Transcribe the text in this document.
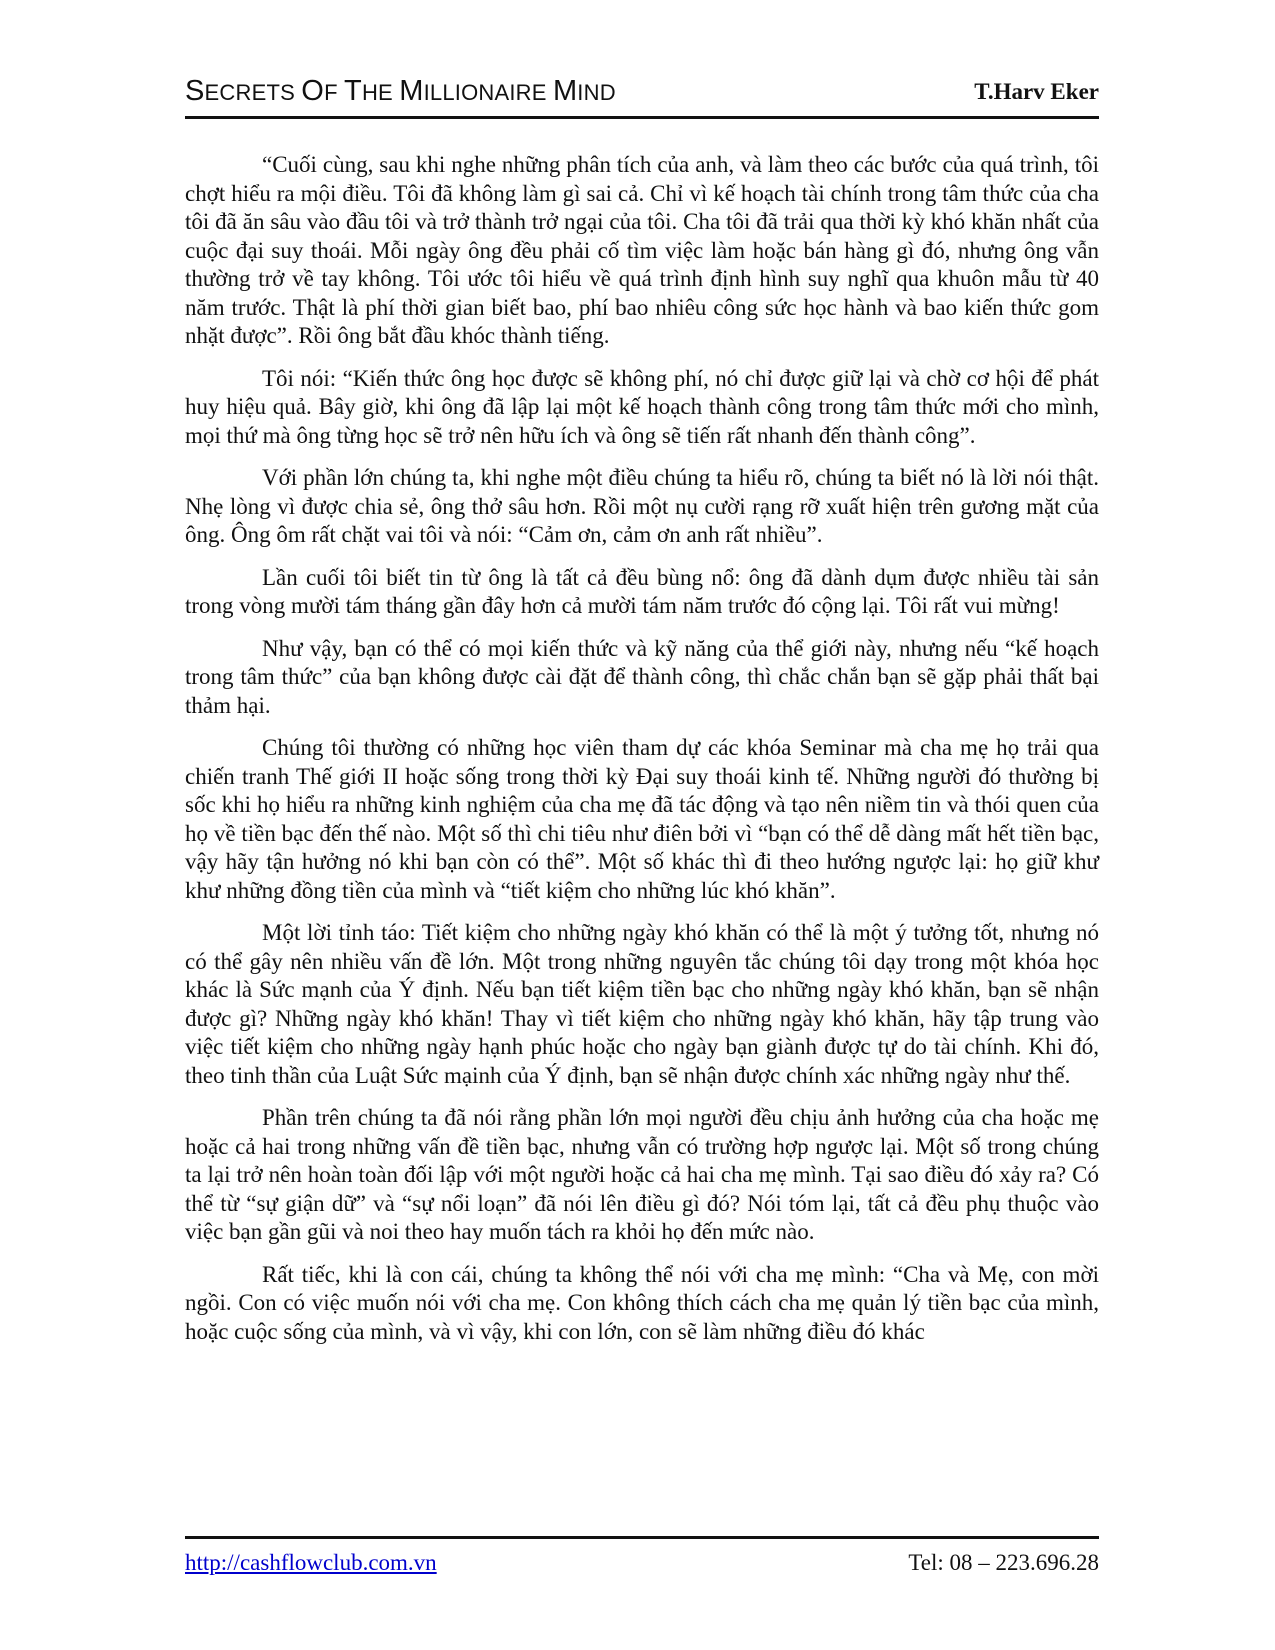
SECRETS OF THE MILLIONAIRE MIND	T.Harv Eker

“Cuối cùng, sau khi nghe những phân tích của anh, và làm theo các bước của quá trình, tôi chợt hiểu ra mội điều. Tôi đã không làm gì sai cả. Chỉ vì kế hoạch tài chính trong tâm thức của cha tôi đã ăn sâu vào đầu tôi và trở thành trở ngại của tôi. Cha tôi đã trải qua thời kỳ khó khăn nhất của cuộc đại suy thoái. Mỗi ngày ông đều phải cố tìm việc làm hoặc bán hàng gì đó, nhưng ông vẫn thường trở về tay không. Tôi ước tôi hiểu về quá trình định hình suy nghĩ qua khuôn mẫu từ 40 năm trước. Thật là phí thời gian biết bao, phí bao nhiêu công sức học hành và bao kiến thức gom nhặt được”. Rồi ông bắt đầu khóc thành tiếng.

Tôi nói: “Kiến thức ông học được sẽ không phí, nó chỉ được giữ lại và chờ cơ hội để phát huy hiệu quả. Bây giờ, khi ông đã lập lại một kế hoạch thành công trong tâm thức mới cho mình, mọi thứ mà ông từng học sẽ trở nên hữu ích và ông sẽ tiến rất nhanh đến thành công”.

Với phần lớn chúng ta, khi nghe một điều chúng ta hiểu rõ, chúng ta biết nó là lời nói thật. Nhẹ lòng vì được chia sẻ, ông thở sâu hơn. Rồi một nụ cười rạng rỡ xuất hiện trên gương mặt của ông. Ông ôm rất chặt vai tôi và nói: “Cảm ơn, cảm ơn anh rất nhiều”.

Lần cuối tôi biết tin từ ông là tất cả đều bùng nổ: ông đã dành dụm được nhiều tài sản trong vòng mười tám tháng gần đây hơn cả mười tám năm trước đó cộng lại. Tôi rất vui mừng!

Như vậy, bạn có thể có mọi kiến thức và kỹ năng của thể giới này, nhưng nếu “kế hoạch trong tâm thức” của bạn không được cài đặt để thành công, thì chắc chắn bạn sẽ gặp phải thất bại thảm hại.

Chúng tôi thường có những học viên tham dự các khóa Seminar mà cha mẹ họ trải qua chiến tranh Thế giới II hoặc sống trong thời kỳ Đại suy thoái kinh tế. Những người đó thường bị sốc khi họ hiểu ra những kinh nghiệm của cha mẹ đã tác động và tạo nên niềm tin và thói quen của họ về tiền bạc đến thế nào. Một số thì chi tiêu như điên bởi vì “bạn có thể dễ dàng mất hết tiền bạc, vậy hãy tận hưởng nó khi bạn còn có thể”. Một số khác thì đi theo hướng ngược lại: họ giữ khư khư những đồng tiền của mình và “tiết kiệm cho những lúc khó khăn”.

Một lời tỉnh táo: Tiết kiệm cho những ngày khó khăn có thể là một ý tưởng tốt, nhưng nó có thể gây nên nhiều vấn đề lớn. Một trong những nguyên tắc chúng tôi dạy trong một khóa học khác là Sức mạnh của Ý định. Nếu bạn tiết kiệm tiền bạc cho những ngày khó khăn, bạn sẽ nhận được gì? Những ngày khó khăn! Thay vì tiết kiệm cho những ngày khó khăn, hãy tập trung vào việc tiết kiệm cho những ngày hạnh phúc hoặc cho ngày bạn giành được tự do tài chính. Khi đó, theo tinh thần của Luật Sức mạinh của Ý định, bạn sẽ nhận được chính xác những ngày như thế.

Phần trên chúng ta đã nói rằng phần lớn mọi người đều chịu ảnh hưởng của cha hoặc mẹ hoặc cả hai trong những vấn đề tiền bạc, nhưng vẫn có trường hợp ngược lại. Một số trong chúng ta lại trở nên hoàn toàn đối lập với một người hoặc cả hai cha mẹ mình. Tại sao điều đó xảy ra? Có thể từ “sự giận dữ” và “sự nổi loạn” đã nói lên điều gì đó? Nói tóm lại, tất cả đều phụ thuộc vào việc bạn gần gũi và noi theo hay muốn tách ra khỏi họ đến mức nào.

Rất tiếc, khi là con cái, chúng ta không thể nói với cha mẹ mình: “Cha và Mẹ, con mời ngồi. Con có việc muốn nói với cha mẹ. Con không thích cách cha mẹ quản lý tiền bạc của mình, hoặc cuộc sống của mình, và vì vậy, khi con lớn, con sẽ làm những điều đó khác

http://cashflowclub.com.vn	Tel: 08 – 223.696.28
